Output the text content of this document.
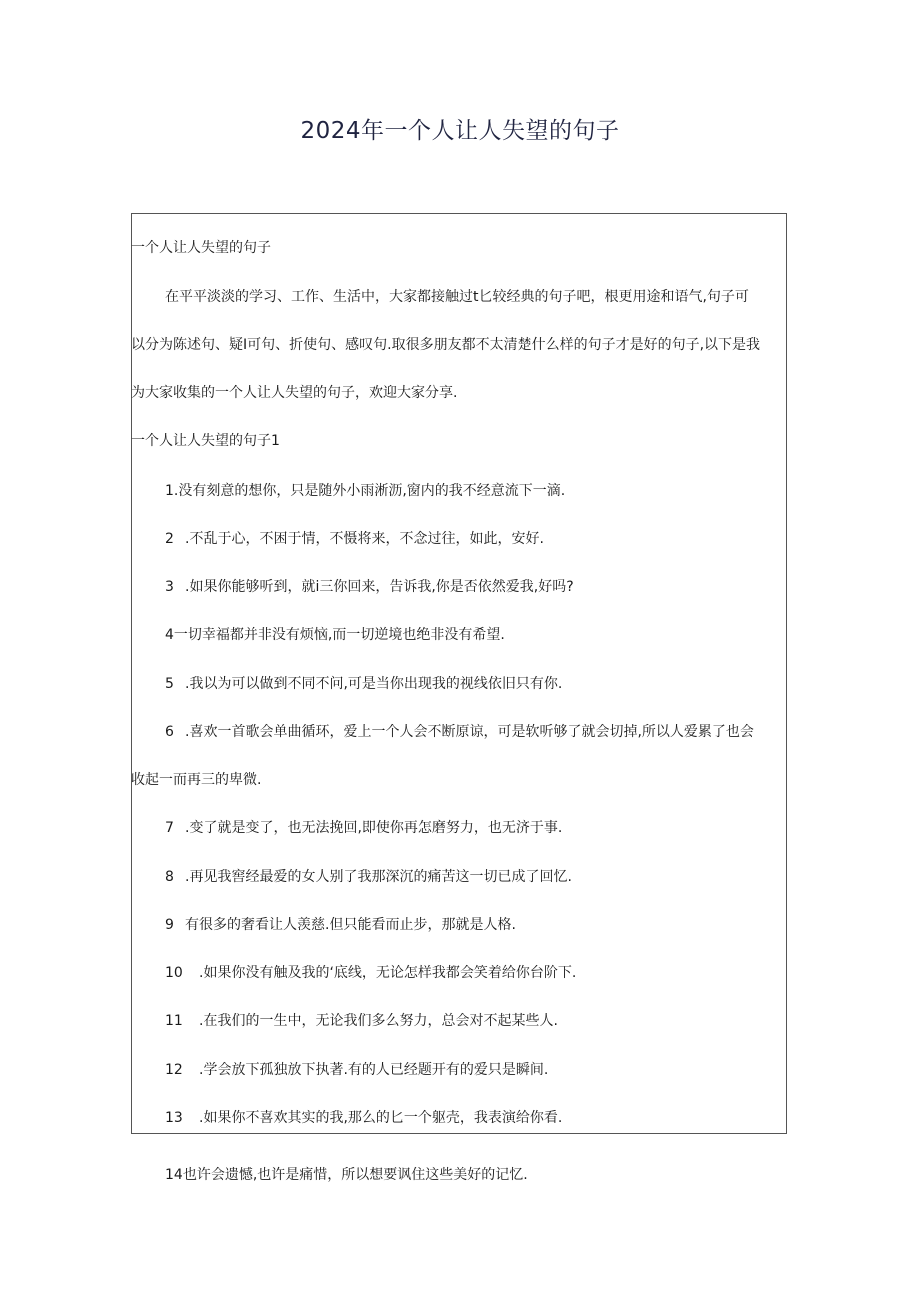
2024年一个人让人失望的句子
一个人让人失望的句子
在平平淡淡的学习、工作、生活中，大家都接触过t匕较经典的句子吧，根更用途和语气,句子可
以分为陈述句、疑I可句、折使句、感叹句.取很多朋友都不太清楚什么样的句子才是好的句子,以下是我
为大家收集的一个人让人失望的句子，欢迎大家分享.
一个人让人失望的句子1
1.没有刻意的想你，只是随外小雨淅沥,窗内的我不经意流下一滴.
2 .不乱于心，不困于情，不慑将来，不念过往，如此，安好.
3 .如果你能够听到，就i三你回来，告诉我,你是否依然爱我,好吗?
4一切幸福都并非没有烦恼,而一切逆境也绝非没有希望.
5 .我以为可以做到不同不问,可是当你出现我的视线依旧只有你.
6 .喜欢一首歌会单曲循环，爱上一个人会不断原谅，可是软听够了就会切掉,所以人爱累了也会
收起一而再三的卑微.
7 .变了就是变了，也无法挽回,即使你再怎磨努力，也无济于事.
8 .再见我窖经最爱的女人别了我那深沉的痛苦这一切已成了回忆.
9 有很多的奢看让人羡慈.但只能看而止步，那就是人格.
10 .如果你没有触及我的‘底线，无论怎样我都会笑着给你台阶下.
11 .在我们的一生中，无论我们多么努力，总会对不起某些人.
12 .学会放下孤独放下执著.有的人已经题开有的爱只是瞬间.
13 .如果你不喜欢其实的我,那么的匕一个躯壳，我表演给你看.
14也许会遗憾,也许是痛惜，所以想要讽住这些美好的记忆.
